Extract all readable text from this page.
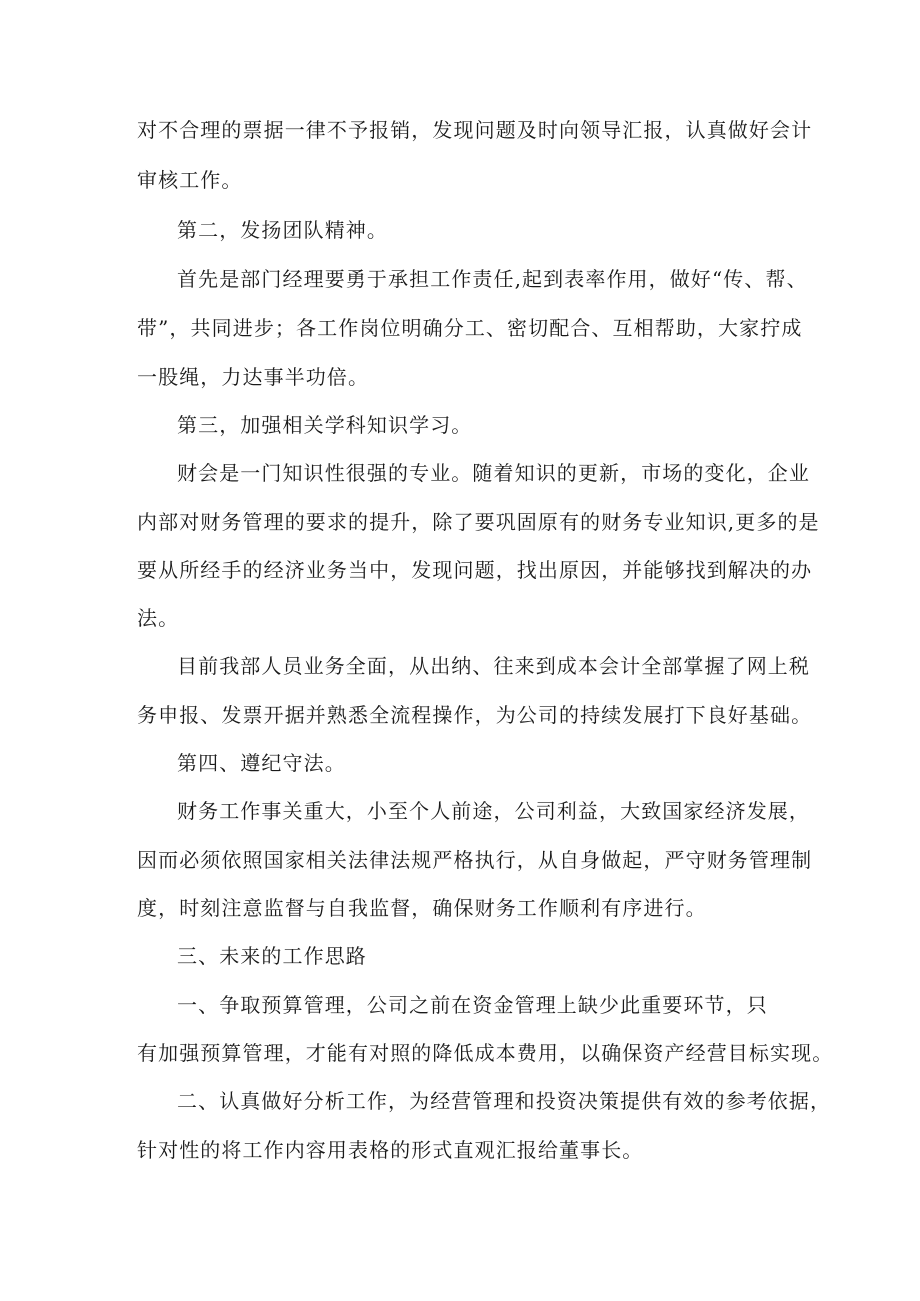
对不合理的票据一律不予报销，发现问题及时向领导汇报，认真做好会计
审核工作。
第二，发扬团队精神。
首先是部门经理要勇于承担工作责任,起到表率作用，做好“传、帮、
带”，共同进步；各工作岗位明确分工、密切配合、互相帮助，大家拧成
一股绳，力达事半功倍。
第三，加强相关学科知识学习。
财会是一门知识性很强的专业。随着知识的更新，市场的变化，企业
内部对财务管理的要求的提升，除了要巩固原有的财务专业知识,更多的是
要从所经手的经济业务当中，发现问题，找出原因，并能够找到解决的办
法。
目前我部人员业务全面，从出纳、往来到成本会计全部掌握了网上税
务申报、发票开据并熟悉全流程操作，为公司的持续发展打下良好基础。
第四、遵纪守法。
财务工作事关重大，小至个人前途，公司利益，大致国家经济发展，
因而必须依照国家相关法律法规严格执行，从自身做起，严守财务管理制
度，时刻注意监督与自我监督，确保财务工作顺利有序进行。
三、未来的工作思路
一、争取预算管理，公司之前在资金管理上缺少此重要环节，只
有加强预算管理，才能有对照的降低成本费用，以确保资产经营目标实现。
二、认真做好分析工作，为经营管理和投资决策提供有效的参考依据，
针对性的将工作内容用表格的形式直观汇报给董事长。
